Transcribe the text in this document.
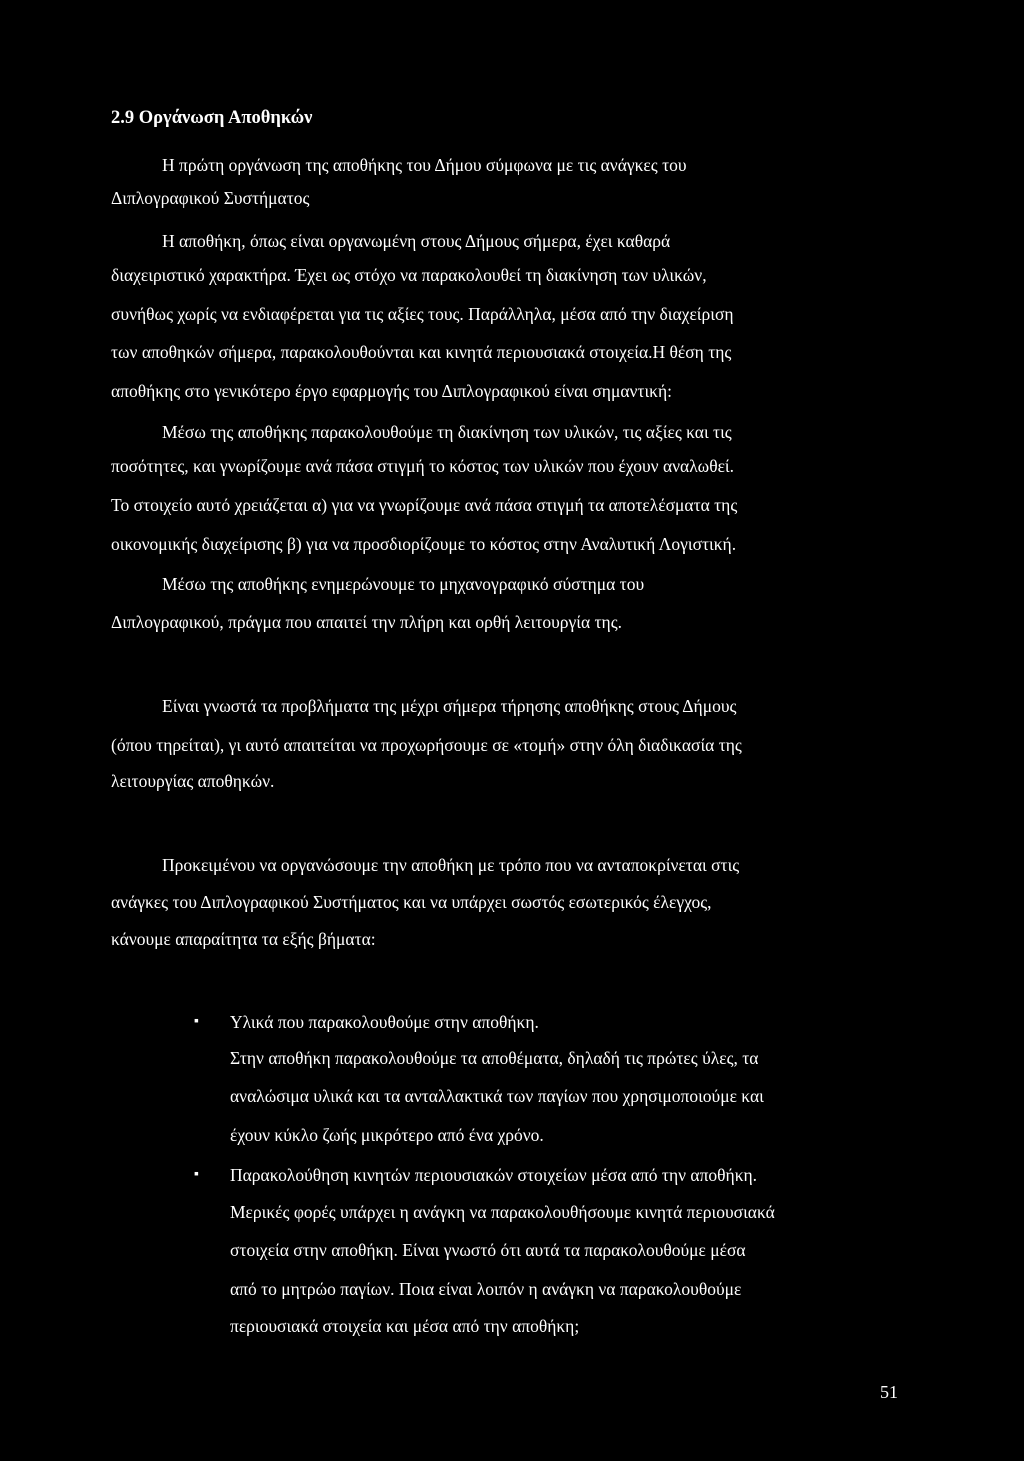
2.9 Οργάνωση Αποθηκών
Η πρώτη οργάνωση της αποθήκης του Δήμου σύμφωνα με τις ανάγκες του
Διπλογραφικού Συστήματος
Η αποθήκη, όπως είναι οργανωμένη στους Δήμους σήμερα, έχει καθαρά
διαχειριστικό χαρακτήρα. Έχει ως στόχο να παρακολουθεί τη διακίνηση των υλικών,
συνήθως χωρίς να ενδιαφέρεται για τις αξίες τους. Παράλληλα, μέσα από την διαχείριση
των αποθηκών σήμερα, παρακολουθούνται και κινητά περιουσιακά στοιχεία.Η θέση της
αποθήκης στο γενικότερο έργο εφαρμογής του Διπλογραφικού είναι σημαντική:
Μέσω της αποθήκης παρακολουθούμε τη διακίνηση των υλικών, τις αξίες και τις
ποσότητες, και γνωρίζουμε ανά πάσα στιγμή το κόστος των υλικών που έχουν αναλωθεί.
Το στοιχείο αυτό χρειάζεται α) για να γνωρίζουμε ανά πάσα στιγμή τα αποτελέσματα της
οικονομικής διαχείρισης β) για να προσδιορίζουμε το κόστος στην Αναλυτική Λογιστική.
Μέσω της αποθήκης ενημερώνουμε το μηχανογραφικό σύστημα του
Διπλογραφικού, πράγμα που απαιτεί την πλήρη και ορθή λειτουργία της.
Είναι γνωστά τα προβλήματα της μέχρι σήμερα τήρησης αποθήκης στους Δήμους
(όπου τηρείται), γι αυτό απαιτείται να προχωρήσουμε σε «τομή» στην όλη διαδικασία της
λειτουργίας αποθηκών.
Προκειμένου να οργανώσουμε την αποθήκη με τρόπο που να ανταποκρίνεται στις
ανάγκες του Διπλογραφικού Συστήματος και να υπάρχει σωστός εσωτερικός έλεγχος,
κάνουμε απαραίτητα τα εξής βήματα:
▪ Υλικά που παρακολουθούμε στην αποθήκη.
Στην αποθήκη παρακολουθούμε τα αποθέματα, δηλαδή τις πρώτες ύλες, τα
αναλώσιμα υλικά και τα ανταλλακτικά των παγίων που χρησιμοποιούμε και
έχουν κύκλο ζωής μικρότερο από ένα χρόνο.
▪ Παρακολούθηση κινητών περιουσιακών στοιχείων μέσα από την αποθήκη.
Μερικές φορές υπάρχει η ανάγκη να παρακολουθήσουμε κινητά περιουσιακά
στοιχεία στην αποθήκη. Είναι γνωστό ότι αυτά τα παρακολουθούμε μέσα
από το μητρώο παγίων. Ποια είναι λοιπόν η ανάγκη να παρακολουθούμε
περιουσιακά στοιχεία και μέσα από την αποθήκη;
51
